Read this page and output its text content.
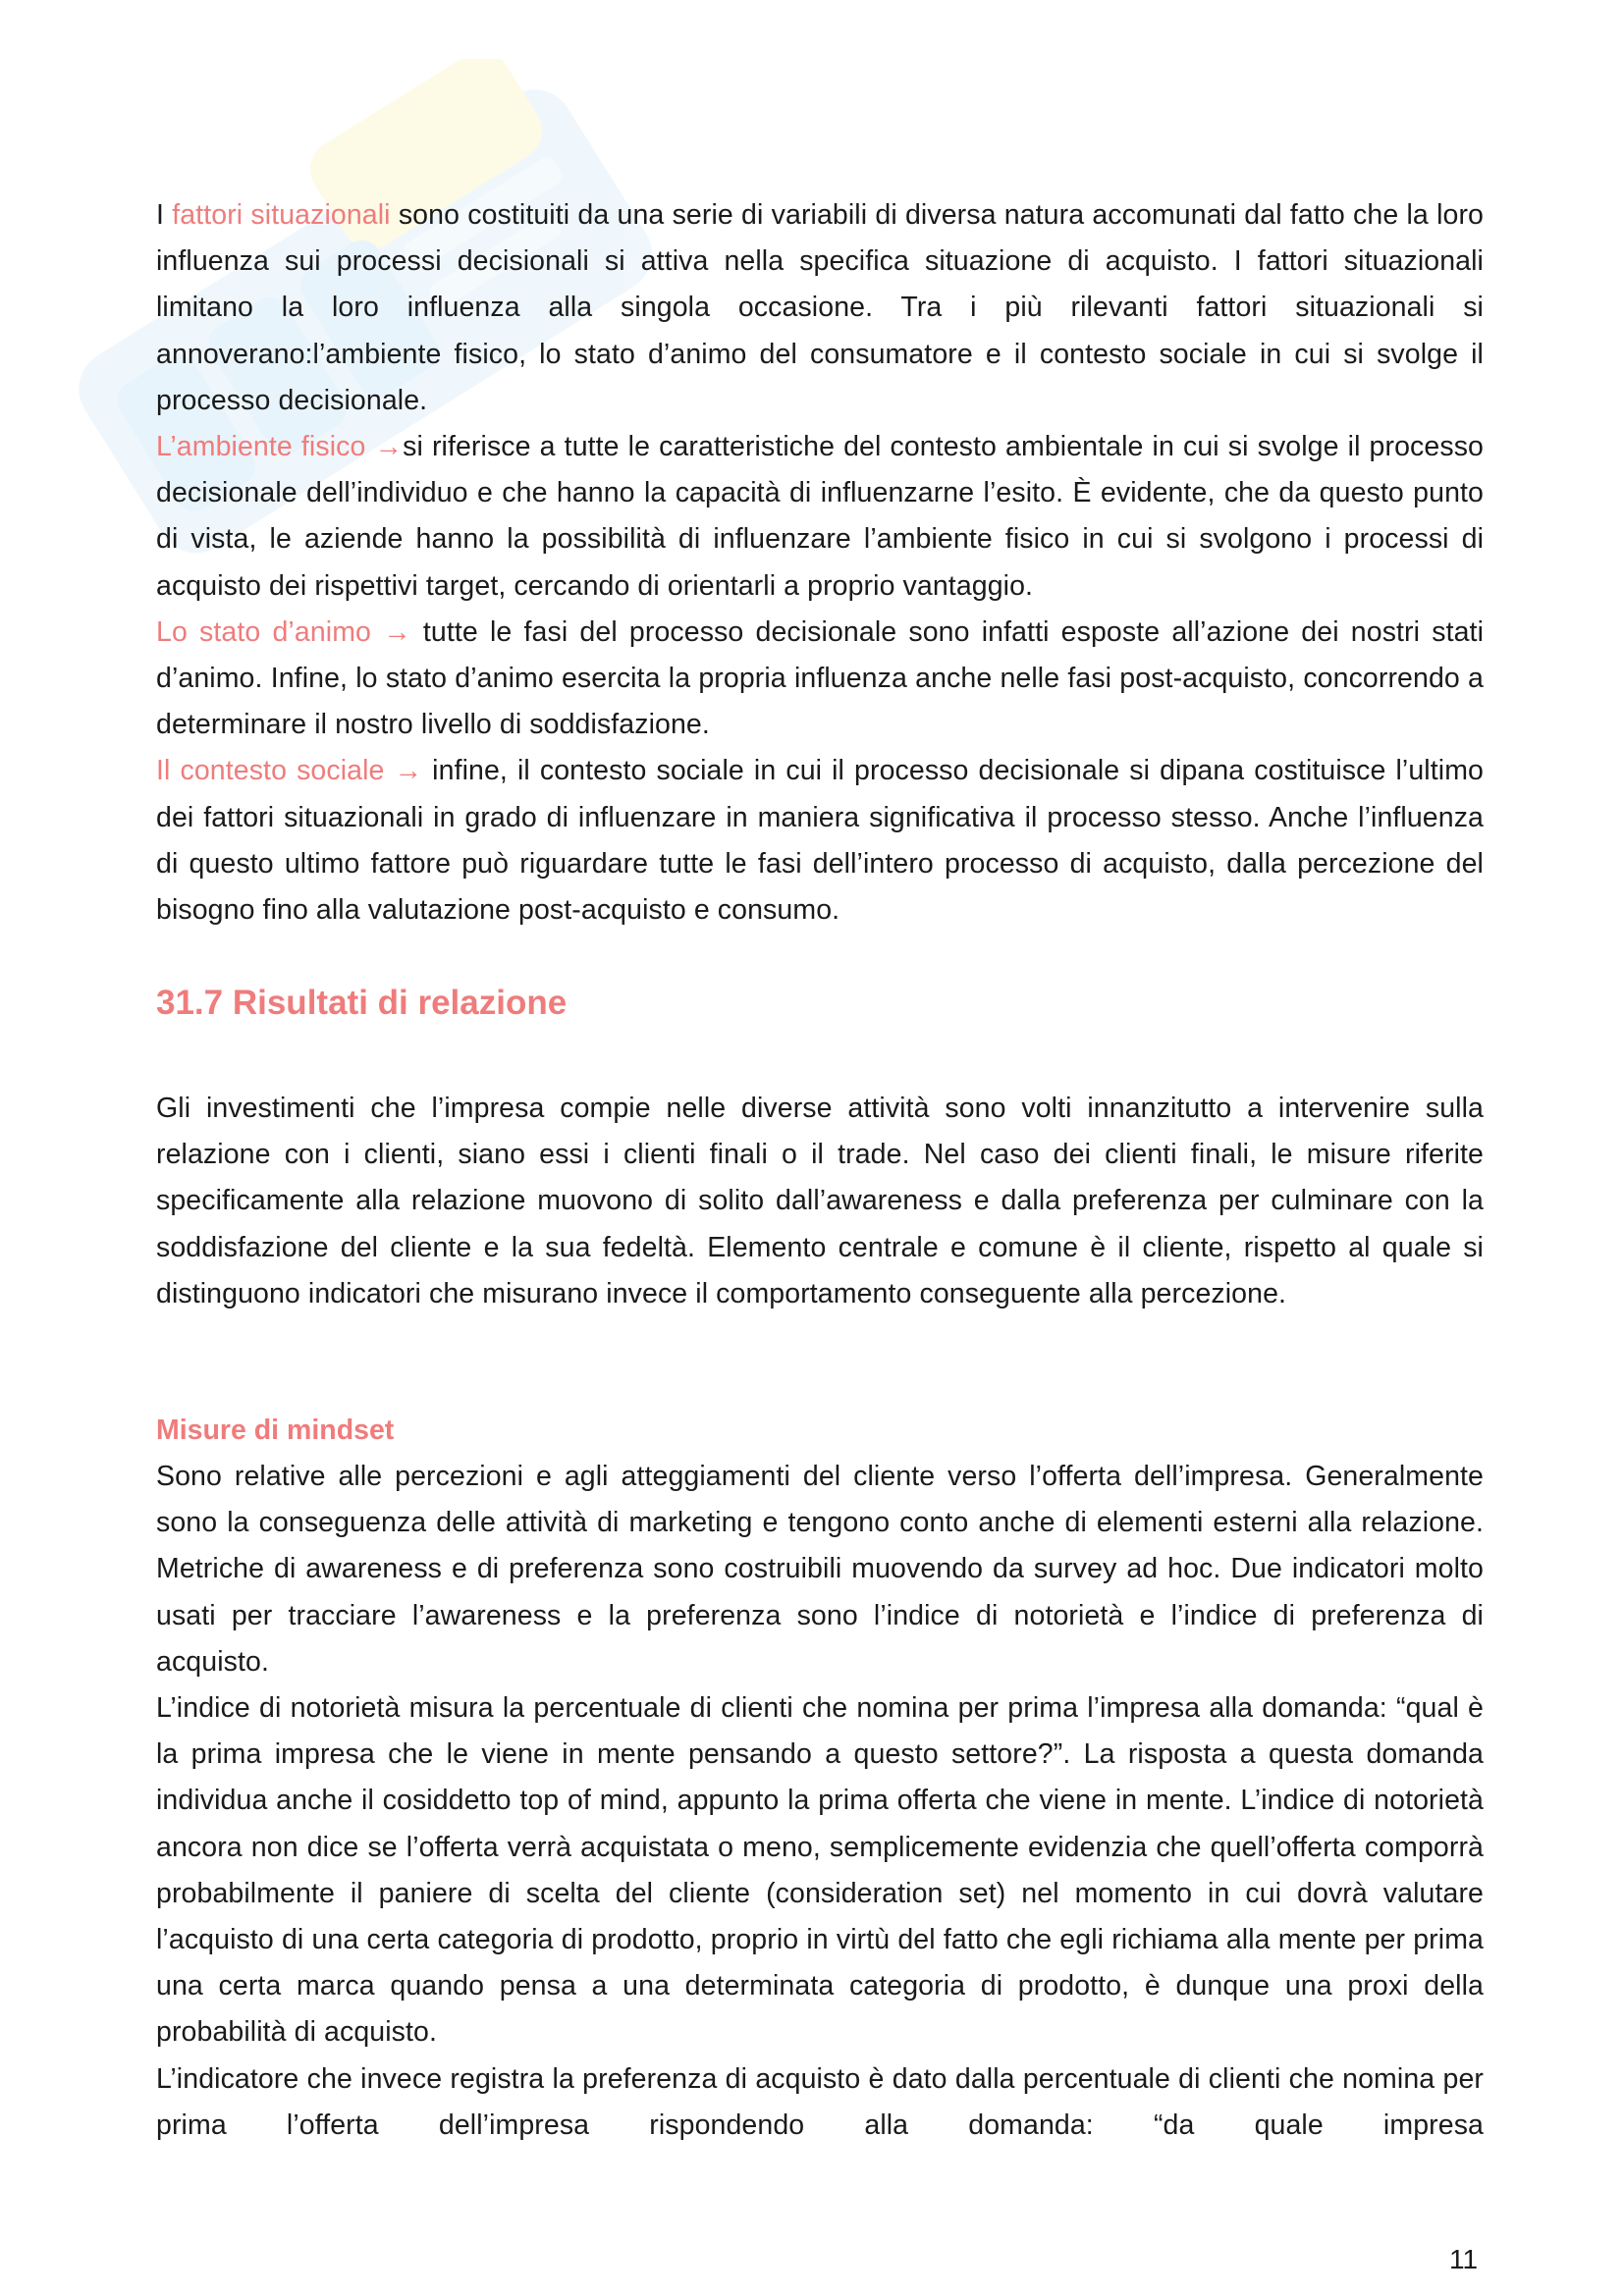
I fattori situazionali sono costituiti da una serie di variabili di diversa natura accomunati dal fatto che la loro influenza sui processi decisionali si attiva nella specifica situazione di acquisto. I fattori situazionali limitano la loro influenza alla singola occasione. Tra i più rilevanti fattori situazionali si annoverano:l’ambiente fisico, lo stato d’animo del consumatore e il contesto sociale in cui si svolge il processo decisionale.

L’ambiente fisico →si riferisce a tutte le caratteristiche del contesto ambientale in cui si svolge il processo decisionale dell’individuo e che hanno la capacità di influenzarne l’esito. È evidente, che da questo punto di vista, le aziende hanno la possibilità di influenzare l’ambiente fisico in cui si svolgono i processi di acquisto dei rispettivi target, cercando di orientarli a proprio vantaggio.

Lo stato d’animo → tutte le fasi del processo decisionale sono infatti esposte all’azione dei nostri stati d’animo. Infine, lo stato d’animo esercita la propria influenza anche nelle fasi post-acquisto, concorrendo a determinare il nostro livello di soddisfazione.

Il contesto sociale → infine, il contesto sociale in cui il processo decisionale si dipana costituisce l’ultimo dei fattori situazionali in grado di influenzare in maniera significativa il processo stesso. Anche l’influenza di questo ultimo fattore può riguardare tutte le fasi dell’intero processo di acquisto, dalla percezione del bisogno fino alla valutazione post-acquisto e consumo.

31.7 Risultati di relazione

Gli investimenti che l’impresa compie nelle diverse attività sono volti innanzitutto a intervenire sulla relazione con i clienti, siano essi i clienti finali o il trade. Nel caso dei clienti finali, le misure riferite specificamente alla relazione muovono di solito dall’awareness e dalla preferenza per culminare con la soddisfazione del cliente e la sua fedeltà. Elemento centrale e comune è il cliente, rispetto al quale si distinguono indicatori che misurano invece il comportamento conseguente alla percezione.

Misure di mindset

Sono relative alle percezioni e agli atteggiamenti del cliente verso l’offerta dell’impresa. Generalmente sono la conseguenza delle attività di marketing e tengono conto anche di elementi esterni alla relazione. Metriche di awareness e di preferenza sono costruibili muovendo da survey ad hoc. Due indicatori molto usati per tracciare l’awareness e la preferenza sono l’indice di notorietà e l’indice di preferenza di acquisto.

L’indice di notorietà misura la percentuale di clienti che nomina per prima l’impresa alla domanda: “qual è la prima impresa che le viene in mente pensando a questo settore?”. La risposta a questa domanda individua anche il cosiddetto top of mind, appunto la prima offerta che viene in mente. L’indice di notorietà ancora non dice se l’offerta verrà acquistata o meno, semplicemente evidenzia che quell’offerta comporrà probabilmente il paniere di scelta del cliente (consideration set) nel momento in cui dovrà valutare l’acquisto di una certa categoria di prodotto, proprio in virtù del fatto che egli richiama alla mente per prima una certa marca quando pensa a una determinata categoria di prodotto, è dunque una proxi della probabilità di acquisto.

L’indicatore che invece registra la preferenza di acquisto è dato dalla percentuale di clienti che nomina per prima l’offerta dell’impresa rispondendo alla domanda: “da quale impresa

11
